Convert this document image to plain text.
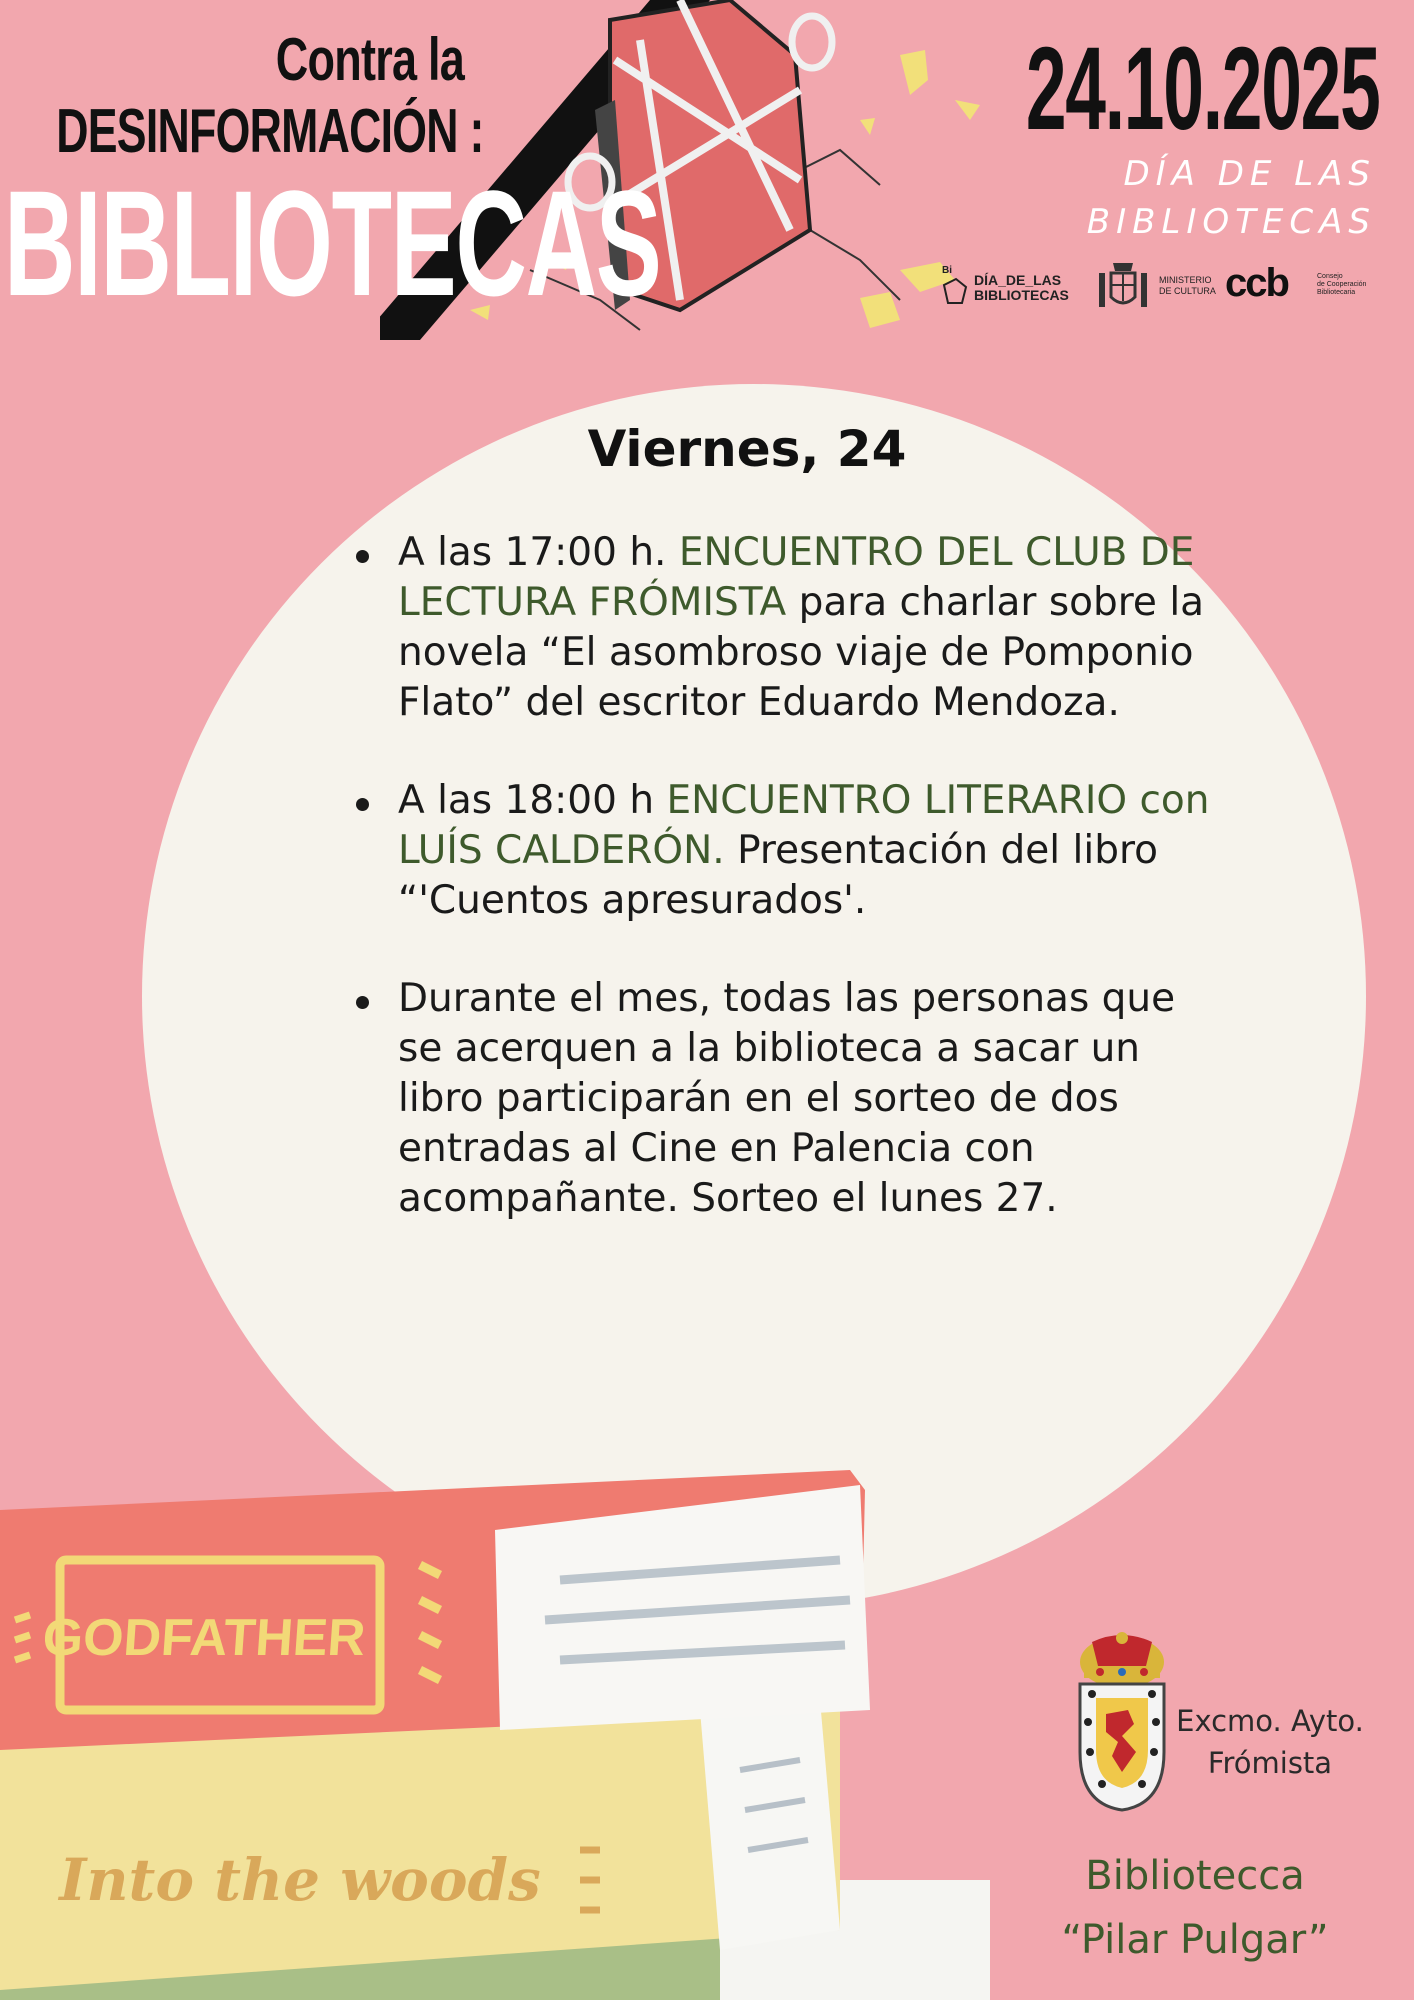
Contra la
DESINFORMACIÓN :
BIBLIOTECAS
24.10.2025
DÍA DE LAS
BIBLIOTECAS
Bi
DÍA_DE_LAS
BIBLIOTECAS
MINISTERIO
DE CULTURA ccb	Consejo
de Cooperación
Bibliotecaria
GODFATHER
Into the woods
Viernes, 24
A las 17:00 h. ENCUENTRO DEL CLUB DE LECTURA FRÓMISTA para charlar sobre la novela “El asombroso viaje de Pomponio Flato” del escritor Eduardo Mendoza.
A las 18:00 h ENCUENTRO LITERARIO con LUÍS CALDERÓN. Presentación del libro “'Cuentos apresurados'.
Durante el mes, todas las personas que se acerquen a la biblioteca a sacar un libro participarán en el sorteo de dos entradas al Cine en Palencia con acompañante. Sorteo el lunes 27.
Excmo. Ayto.
Frómista
Bibliotecca
“Pilar Pulgar”
